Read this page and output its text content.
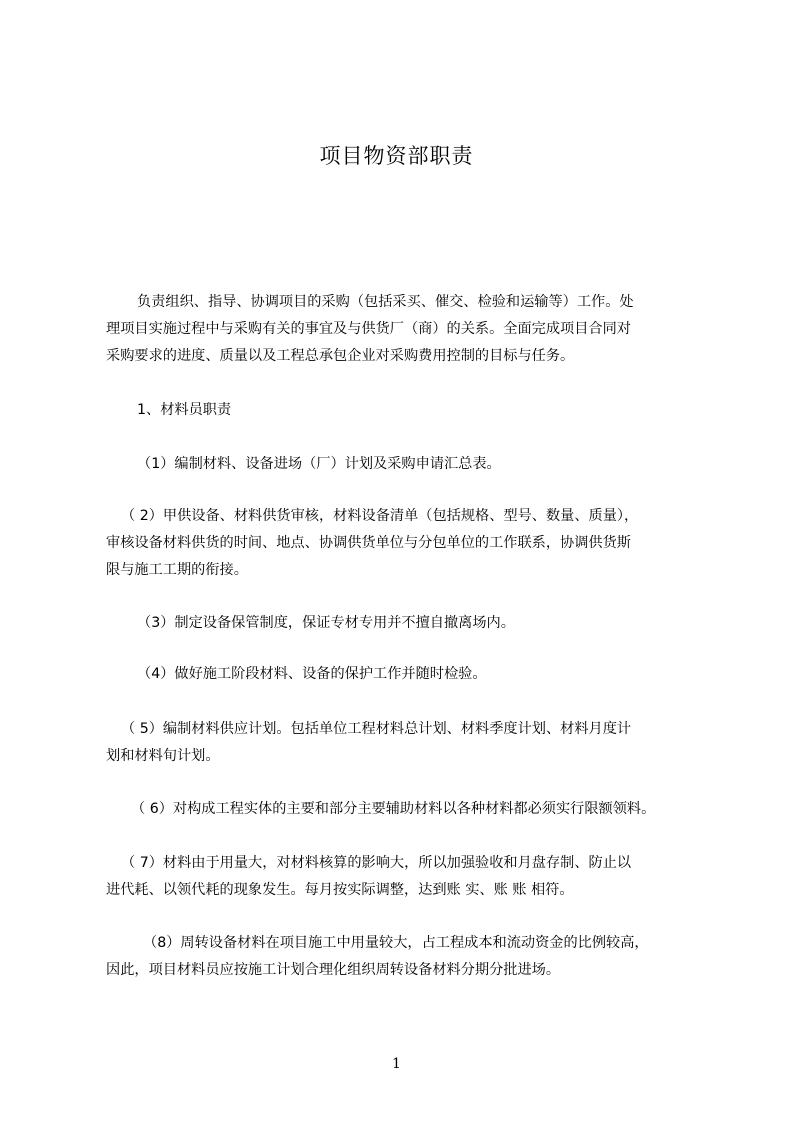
项目物资部职责
负责组织、指导、协调项目的采购（包括采买、催交、检验和运输等）工作。处
理项目实施过程中与采购有关的事宜及与供货厂（商）的关系。全面完成项目合同对
采购要求的进度、质量以及工程总承包企业对采购费用控制的目标与任务。
1、材料员职责
（1）编制材料、设备进场（厂）计划及采购申请汇总表。
（ 2）甲供设备、材料供货审核，材料设备清单（包括规格、型号、数量、质量），
审核设备材料供货的时间、地点、协调供货单位与分包单位的工作联系，协调供货斯
限与施工工期的衔接。
（3）制定设备保管制度，保证专材专用并不擅自撤离场内。
（4）做好施工阶段材料、设备的保护工作并随时检验。
（ 5）编制材料供应计划。包括单位工程材料总计划、材料季度计划、材料月度计
划和材料旬计划。
（ 6）对构成工程实体的主要和部分主要辅助材料以各种材料都必须实行限额领料。
（ 7）材料由于用量大，对材料核算的影响大，所以加强验收和月盘存制、防止以
进代耗、以领代耗的现象发生。每月按实际调整，达到账 实、账 账 相符。
（8）周转设备材料在项目施工中用量较大，占工程成本和流动资金的比例较高，
因此，项目材料员应按施工计划合理化组织周转设备材料分期分批进场。
1
